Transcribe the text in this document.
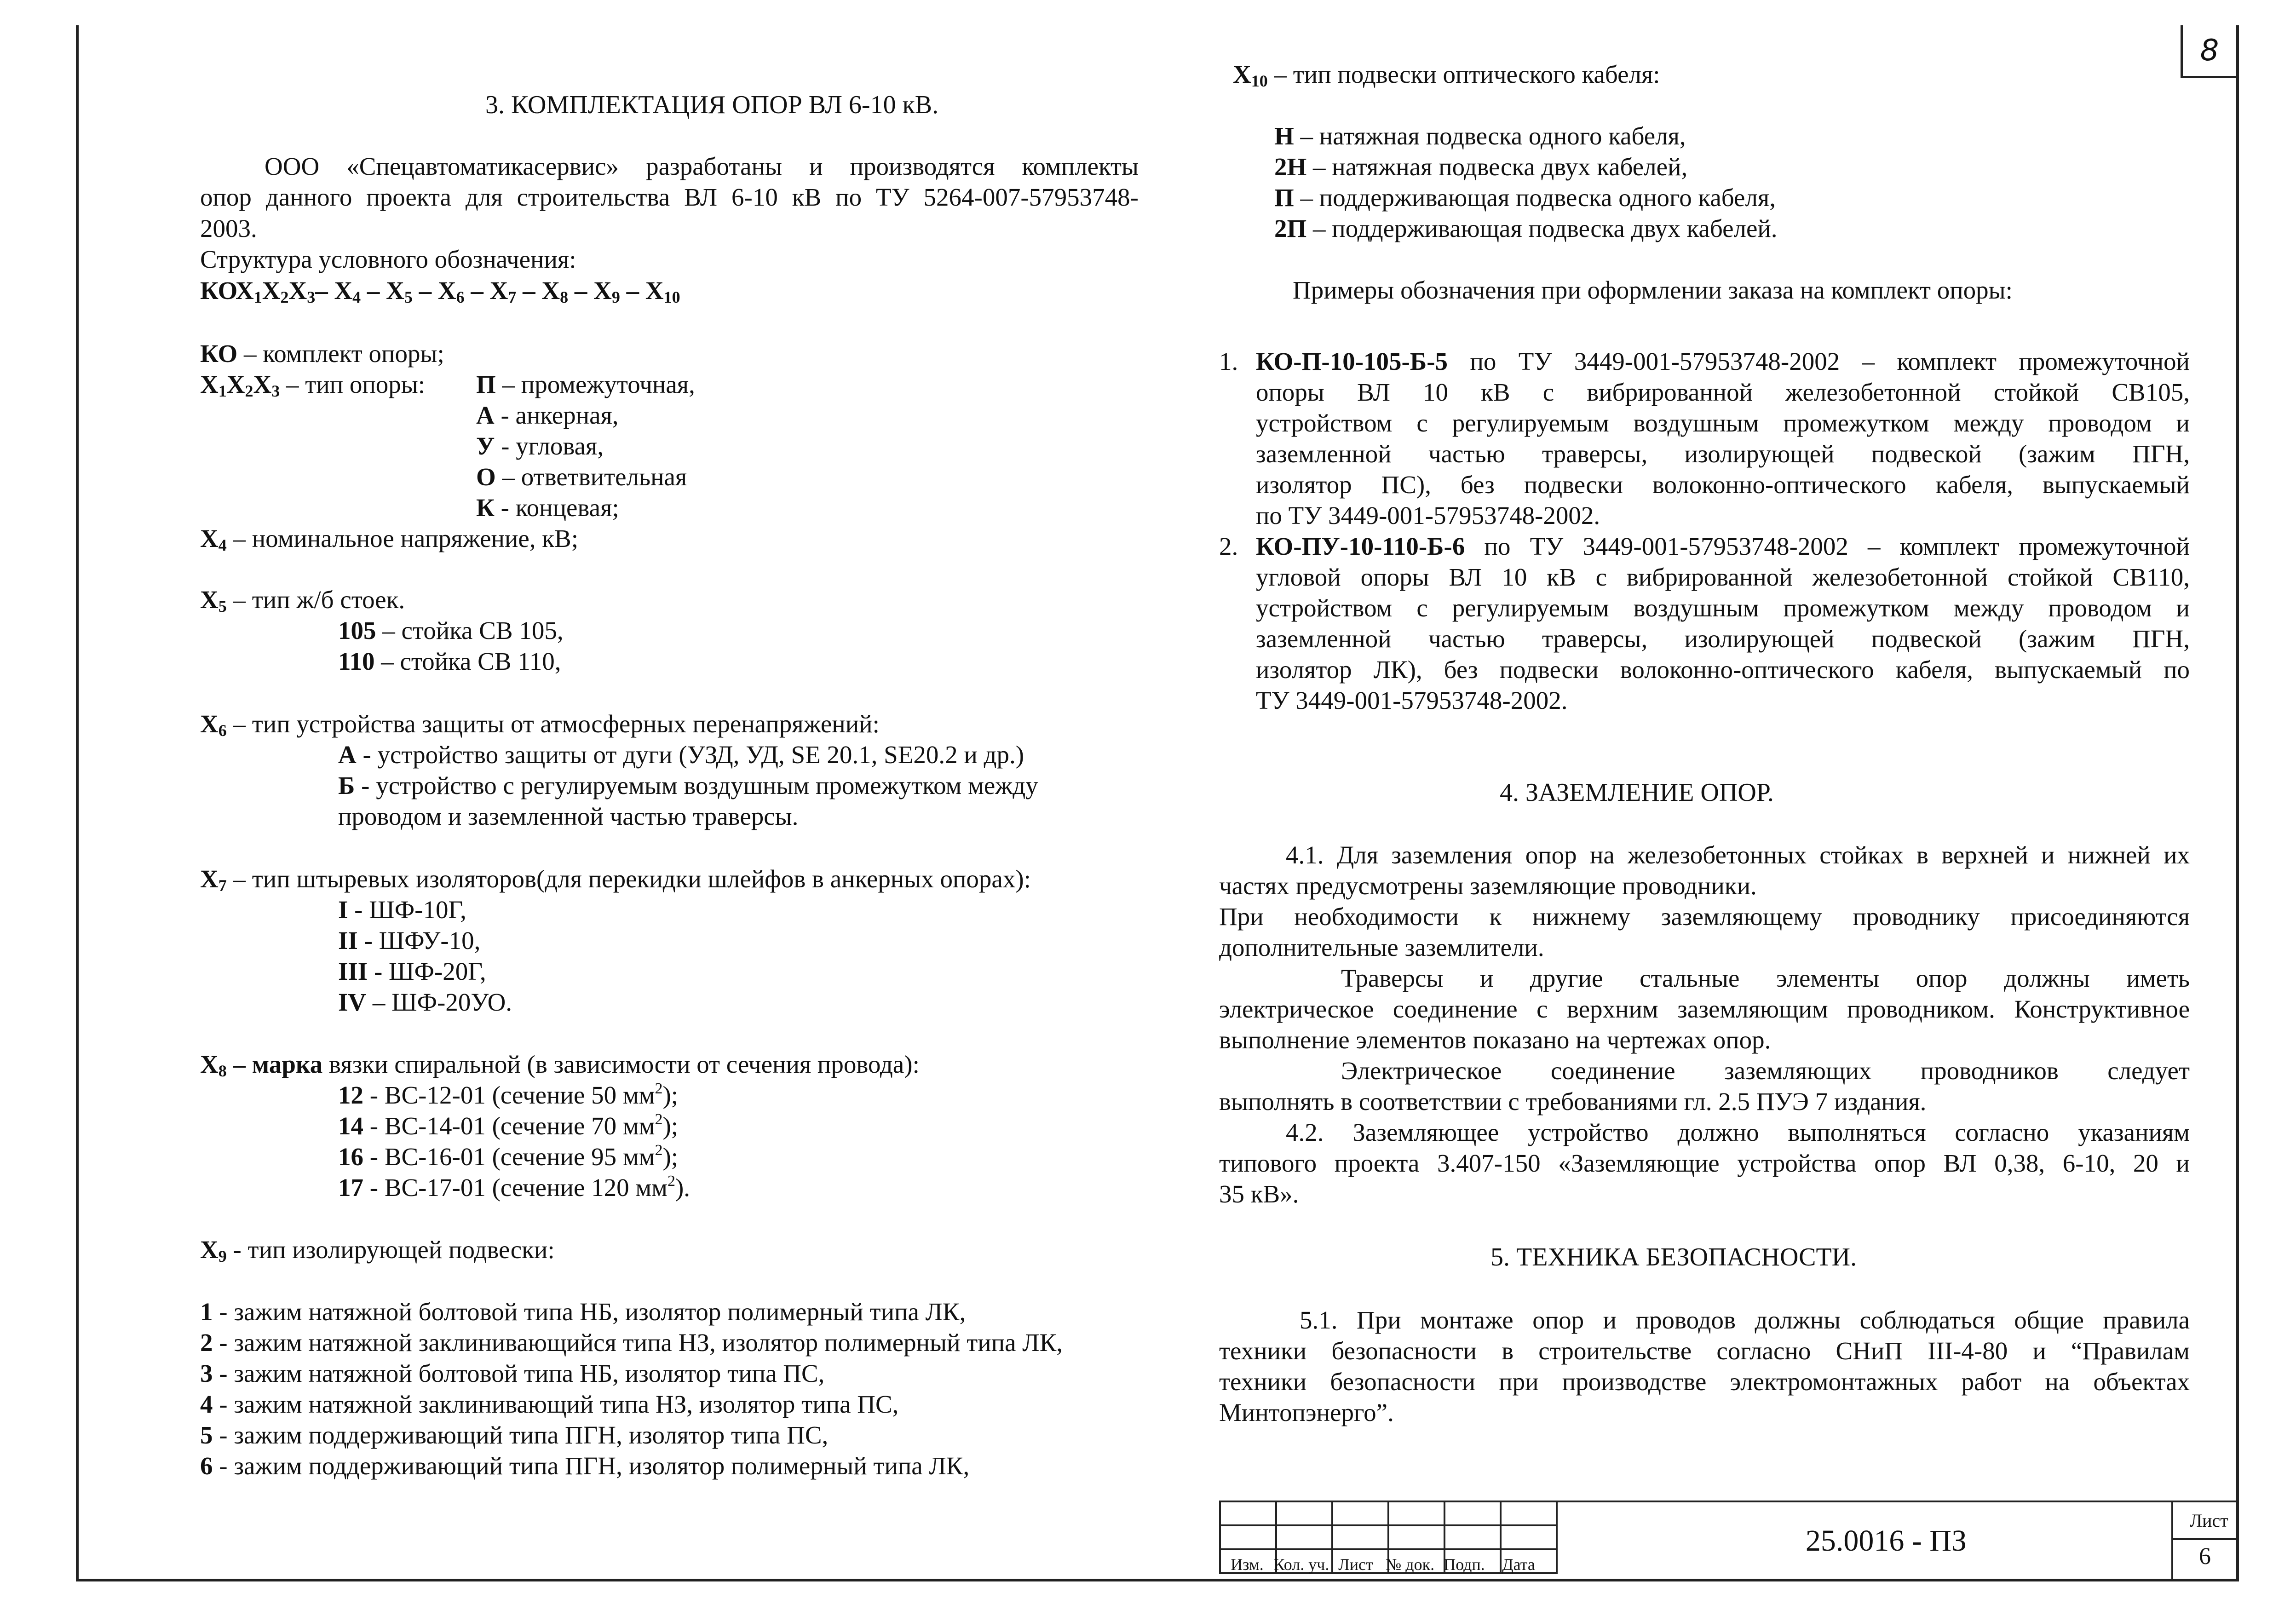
8
3. КОМПЛЕКТАЦИЯ ОПОР ВЛ 6-10 кВ.
ООО «Спецавтоматикасервис» разработаны и производятся комплекты
опор данного проекта для строительства ВЛ 6-10 кВ по ТУ 5264-007-57953748-
2003.
Структура условного обозначения:
$КОХ_1Х_2Х_3-$ $Х_4 - Х_5 - Х_6 - Х_7 - Х_8 - Х_9 - Х_{10}$
КО – комплект опоры;
$Х_1Х_2Х_3$ – тип опоры: П – промежуточная,
А - анкерная,
У - угловая,
О – ответвительная
К - концевая;
$Х_4$ – номинальное напряжение, кВ;
$Х_5$ – тип ж/б стоек.
105 – стойка СВ 105,
110 – стойка СВ 110,
$Х_6$ – тип устройства защиты от атмосферных перенапряжений:
А - устройство защиты от дуги (УЗД, УД, SE 20.1, SE20.2 и др.)
Б - устройство с регулируемым воздушным промежутком между
проводом и заземленной частью траверсы.
$Х_7$ – тип штыревых изоляторов(для перекидки шлейфов в анкерных опорах):
I - ШФ-10Г,
II - ШФУ-10,
III - ШФ-20Г,
IV – ШФ-20УО.
$Х_8$ – марка вязки спиральной (в зависимости от сечения провода):
12 - ВС-12-01 (сечение 50 $мм^2$);
14 - ВС-14-01 (сечение 70 $мм^2$);
16 - ВС-16-01 (сечение 95 $мм^2$);
17 - ВС-17-01 (сечение 120 $мм^2$).
$Х_9$ - тип изолирующей подвески:
1 - зажим натяжной болтовой типа НБ, изолятор полимерный типа ЛК,
2 - зажим натяжной заклинивающийся типа НЗ, изолятор полимерный типа ЛК,
3 - зажим натяжной болтовой типа НБ, изолятор типа ПС,
4 - зажим натяжной заклинивающий типа НЗ, изолятор типа ПС,
5 - зажим поддерживающий типа ПГН, изолятор типа ПС,
6 - зажим поддерживающий типа ПГН, изолятор полимерный типа ЛК,
$Х_{10}$ – тип подвески оптического кабеля:
Н – натяжная подвеска одного кабеля,
2Н – натяжная подвеска двух кабелей,
П – поддерживающая подвеска одного кабеля,
2П – поддерживающая подвеска двух кабелей.
Примеры обозначения при оформлении заказа на комплект опоры:
1. КО-П-10-105-Б-5 по ТУ 3449-001-57953748-2002 – комплект промежуточной
опоры ВЛ 10 кВ с вибрированной железобетонной стойкой СВ105,
устройством с регулируемым воздушным промежутком между проводом и
заземленной частью траверсы, изолирующей подвеской (зажим ПГН,
изолятор ПС), без подвески волоконно-оптического кабеля, выпускаемый
по ТУ 3449-001-57953748-2002.
2. КО-ПУ-10-110-Б-6 по ТУ 3449-001-57953748-2002 – комплект промежуточной
угловой опоры ВЛ 10 кВ с вибрированной железобетонной стойкой СВ110,
устройством с регулируемым воздушным промежутком между проводом и
заземленной частью траверсы, изолирующей подвеской (зажим ПГН,
изолятор ЛК), без подвески волоконно-оптического кабеля, выпускаемый по
ТУ 3449-001-57953748-2002.
4. ЗАЗЕМЛЕНИЕ ОПОР.
4.1. Для заземления опор на железобетонных стойках в верхней и нижней их
частях предусмотрены заземляющие проводники.
При необходимости к нижнему заземляющему проводнику присоединяются
дополнительные заземлители.
Траверсы и другие стальные элементы опор должны иметь
электрическое соединение с верхним заземляющим проводником. Конструктивное
выполнение элементов показано на чертежах опор.
Электрическое соединение заземляющих проводников следует
выполнять в соответствии с требованиями гл. 2.5 ПУЭ 7 издания.
4.2. Заземляющее устройство должно выполняться согласно указаниям
типового проекта 3.407-150 «Заземляющие устройства опор ВЛ 0,38, 6-10, 20 и
35 кВ».
5. ТЕХНИКА БЕЗОПАСНОСТИ.
5.1. При монтаже опор и проводов должны соблюдаться общие правила
техники безопасности в строительстве согласно СНиП III-4-80 и “Правилам
техники безопасности при производстве электромонтажных работ на объектах
Минтопэнерго”.

Изм. Кол. уч. Лист № док. Подп.	Дата
25.0016 - ПЗ
Лист
6
